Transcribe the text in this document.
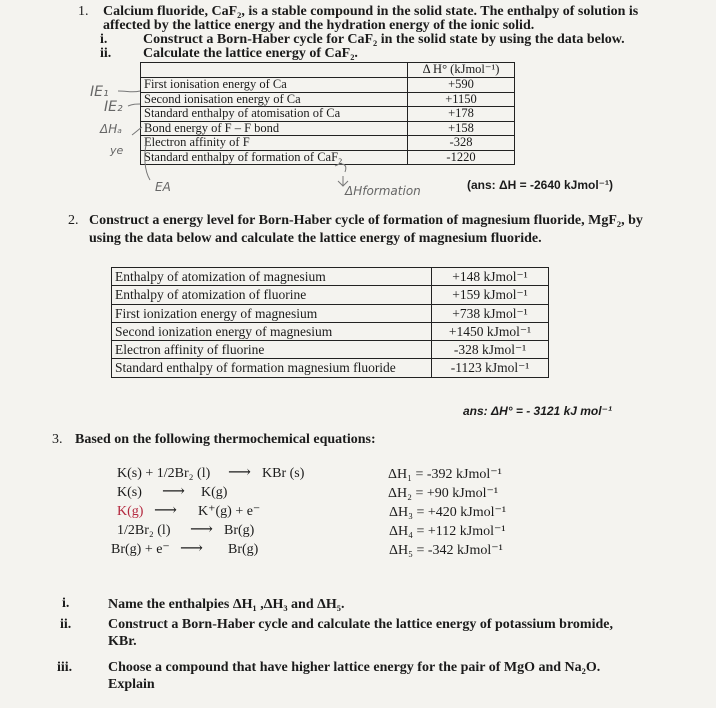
1. Calcium fluoride, CaF₂, is a stable compound in the solid state. The enthalpy of solution is
affected by the lattice energy and the hydration energy of the ionic solid.
i.	Construct a Born-Haber cycle for CaF₂ in the solid state by using the data below.
ii. Calculate the lattice energy of CaF₂.
	Δ H° (kJmol⁻¹)
First ionisation energy of Ca	+590
Second ionisation energy of Ca	+1150
Standard enthalpy of atomisation of Ca	+178
Bond energy of F – F bond	+158
Electron affinity of F	-328
Standard enthalpy of formation of CaF₂	-1220
IE₁
IE₂
ΔHₐ
ye
EA	ΔHformation	(ans: ΔH = -2640 kJmol⁻¹)
2. Construct a energy level for Born-Haber cycle of formation of magnesium fluoride, MgF₂, by
using the data below and calculate the lattice energy of magnesium fluoride.
Enthalpy of atomization of magnesium	+148 kJmol⁻¹
Enthalpy of atomization of fluorine	+159 kJmol⁻¹
First ionization energy of magnesium	+738 kJmol⁻¹
Second ionization energy of magnesium	+1450 kJmol⁻¹
Electron affinity of fluorine	-328 kJmol⁻¹
Standard enthalpy of formation magnesium fluoride	-1123 kJmol⁻¹
ans: ΔH° = - 3121 kJ mol⁻¹
3. Based on the following thermochemical equations:
K(s) + 1/2Br₂ (l) ⟶ KBr (s)	ΔH₁ = -392 kJmol⁻¹
K(s) ⟶ K(g)	ΔH₂ = +90 kJmol⁻¹
K(g) ⟶ K⁺(g) + e⁻	ΔH₃ = +420 kJmol⁻¹
1/2Br₂ (l) ⟶ Br(g)	ΔH₄ = +112 kJmol⁻¹
Br(g) + e⁻ ⟶ Br(g)	ΔH₅ = -342 kJmol⁻¹
i.	Name the enthalpies ΔH₁ ,ΔH₃ and ΔH₅.
ii.	Construct a Born-Haber cycle and calculate the lattice energy of potassium bromide,
KBr.
iii.	Choose a compound that have higher lattice energy for the pair of MgO and Na₂O.
Explain
